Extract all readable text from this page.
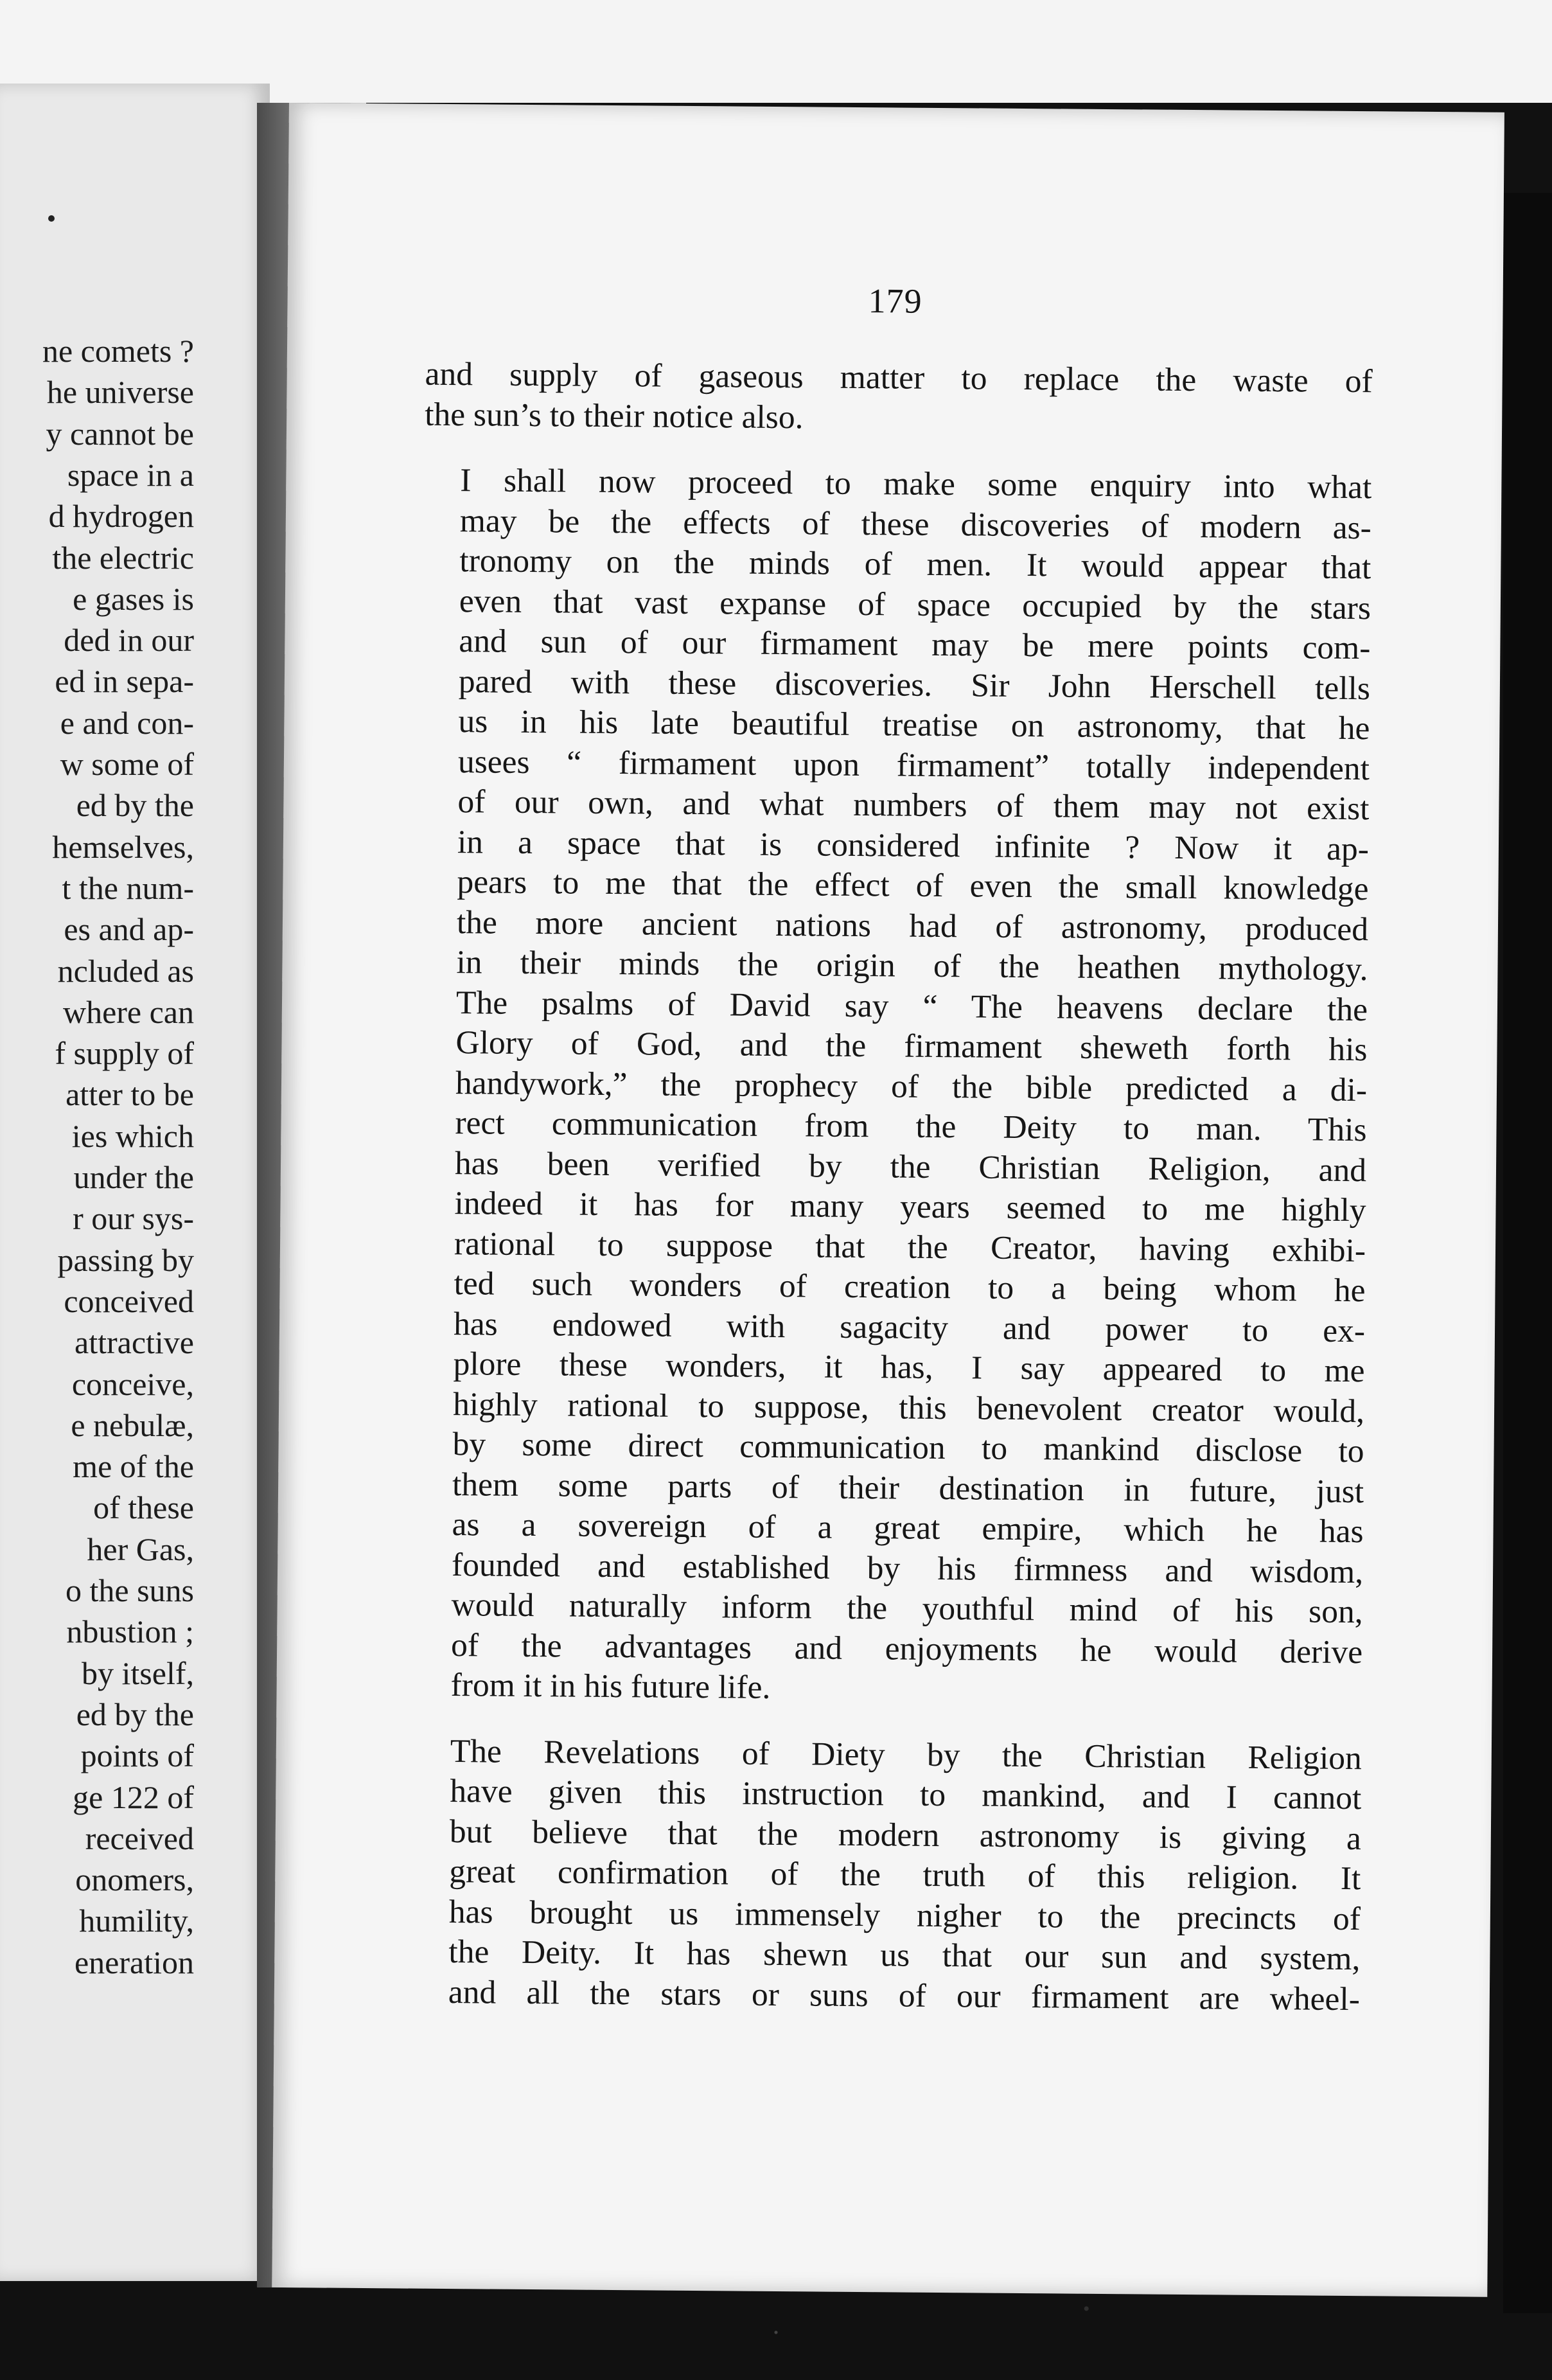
ne comets ?
he universe
y cannot be
space in a
d hydrogen
the electric
e gases is
ded in our
ed in sepa-
e and con-
w some of
ed by the
hemselves,
t the num-
es and ap-
ncluded as
where can
f supply of
atter to be
ies which
under the
r our sys-
passing by
conceived
attractive
conceive,
e nebulæ,
me of the
of these
her Gas,
o the suns
nbustion ;
by itself,
ed by the
points of
ge 122 of
received
onomers,
humility,
eneration
179

and supply of gaseous matter to replace the waste of
the sun’s to their notice also.

I shall now proceed to make some enquiry into what
may be the effects of these discoveries of modern as-
tronomy on the minds of men. It would appear that
even that vast expanse of space occupied by the stars
and sun of our firmament may be mere points com-
pared with these discoveries. Sir John Herschell tells
us in his late beautiful treatise on astronomy, that he
usees “ firmament upon firmament” totally independent
of our own, and what numbers of them may not exist
in a space that is considered infinite ? Now it ap-
pears to me that the effect of even the small knowledge
the more ancient nations had of astronomy, produced
in their minds the origin of the heathen mythology.
The psalms of David say “ The heavens declare the
Glory of God, and the firmament sheweth forth his
handywork,” the prophecy of the bible predicted a di-
rect communication from the Deity to man. This
has been verified by the Christian Religion, and
indeed it has for many years seemed to me highly
rational to suppose that the Creator, having exhibi-
ted such wonders of creation to a being whom he
has endowed with sagacity and power to ex-
plore these wonders, it has, I say appeared to me
highly rational to suppose, this benevolent creator would,
by some direct communication to mankind disclose to
them some parts of their destination in future, just
as a sovereign of a great empire, which he has
founded and established by his firmness and wisdom,
would naturally inform the youthful mind of his son,
of the advantages and enjoyments he would derive
from it in his future life.

The Revelations of Diety by the Christian Religion
have given this instruction to mankind, and I cannot
but believe that the modern astronomy is giving a
great confirmation of the truth of this religion. It
has brought us immensely nigher to the precincts of
the Deity. It has shewn us that our sun and system,
and all the stars or suns of our firmament are wheel-
